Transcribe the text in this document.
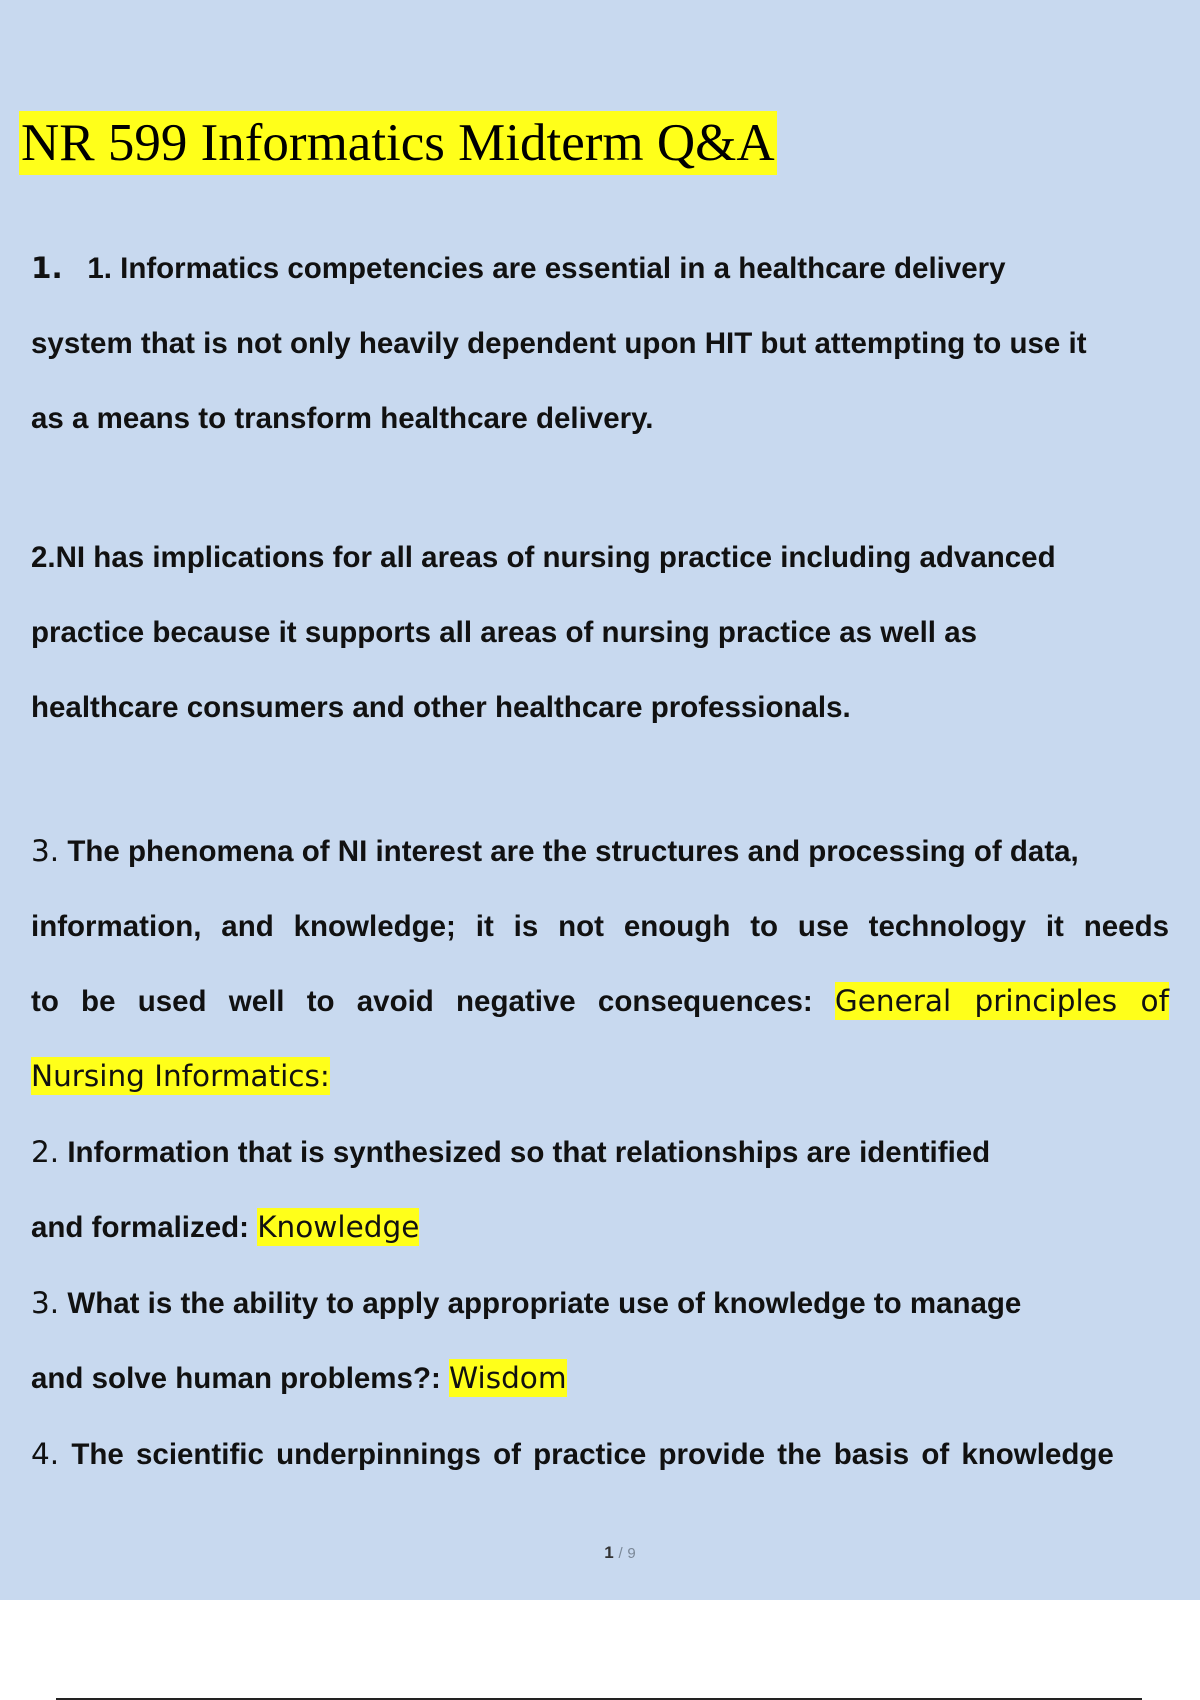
NR 599 Informatics Midterm Q&A
1. 1. Informatics competencies are essential in a healthcare delivery
system that is not only heavily dependent upon HIT but attempting to use it
as a means to transform healthcare delivery.
2.NI has implications for all areas of nursing practice including advanced
practice because it supports all areas of nursing practice as well as
healthcare consumers and other healthcare professionals.
3. The phenomena of NI interest are the structures and processing of data,
information, and knowledge; it is not enough to use technology it needs
to be used well to avoid negative consequences: General principles of
Nursing Informatics:
2. Information that is synthesized so that relationships are identified
and formalized: Knowledge
3. What is the ability to apply appropriate use of knowledge to manage
and solve human problems?: Wisdom
4. The scientific underpinnings of practice provide the basis of knowledge
1 / 9
